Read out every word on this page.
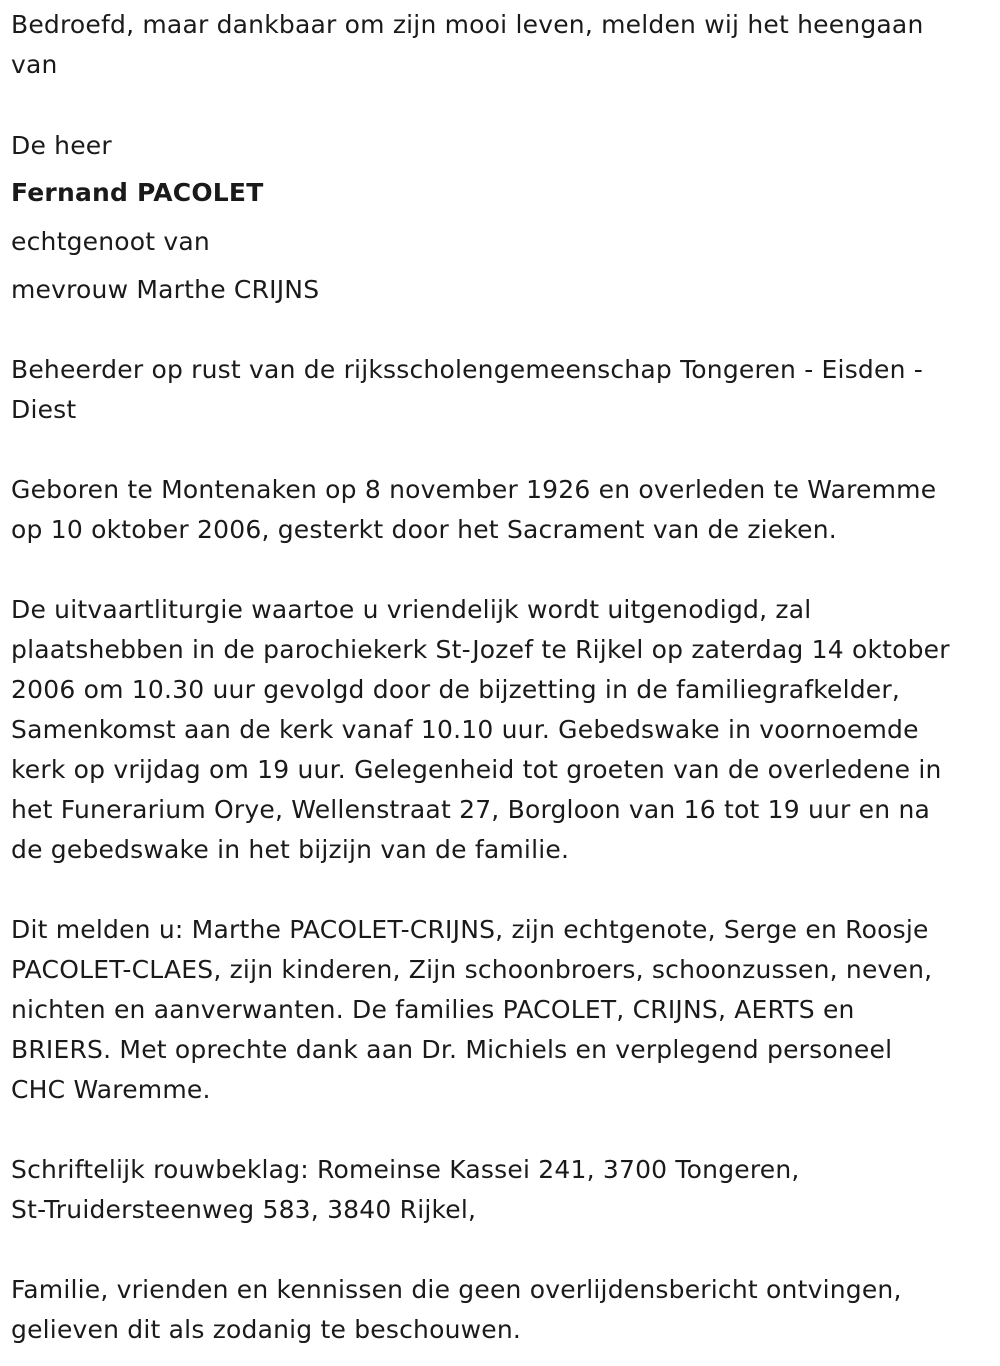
Bedroefd, maar dankbaar om zijn mooi leven, melden wij het heengaan
van

De heer

Fernand PACOLET

echtgenoot van

mevrouw Marthe CRIJNS

Beheerder op rust van de rijksscholengemeenschap Tongeren - Eisden -
Diest

Geboren te Montenaken op 8 november 1926 en overleden te Waremme
op 10 oktober 2006, gesterkt door het Sacrament van de zieken.

De uitvaartliturgie waartoe u vriendelijk wordt uitgenodigd, zal
plaatshebben in de parochiekerk St-Jozef te Rijkel op zaterdag 14 oktober
2006 om 10.30 uur gevolgd door de bijzetting in de familiegrafkelder,
Samenkomst aan de kerk vanaf 10.10 uur. Gebedswake in voornoemde
kerk op vrijdag om 19 uur. Gelegenheid tot groeten van de overledene in
het Funerarium Orye, Wellenstraat 27, Borgloon van 16 tot 19 uur en na
de gebedswake in het bijzijn van de familie.

Dit melden u: Marthe PACOLET-CRIJNS, zijn echtgenote, Serge en Roosje
PACOLET-CLAES, zijn kinderen, Zijn schoonbroers, schoonzussen, neven,
nichten en aanverwanten. De families PACOLET, CRIJNS, AERTS en
BRIERS. Met oprechte dank aan Dr. Michiels en verplegend personeel
CHC Waremme.

Schriftelijk rouwbeklag: Romeinse Kassei 241, 3700 Tongeren,
St-Truidersteenweg 583, 3840 Rijkel,

Familie, vrienden en kennissen die geen overlijdensbericht ontvingen,
gelieven dit als zodanig te beschouwen.
